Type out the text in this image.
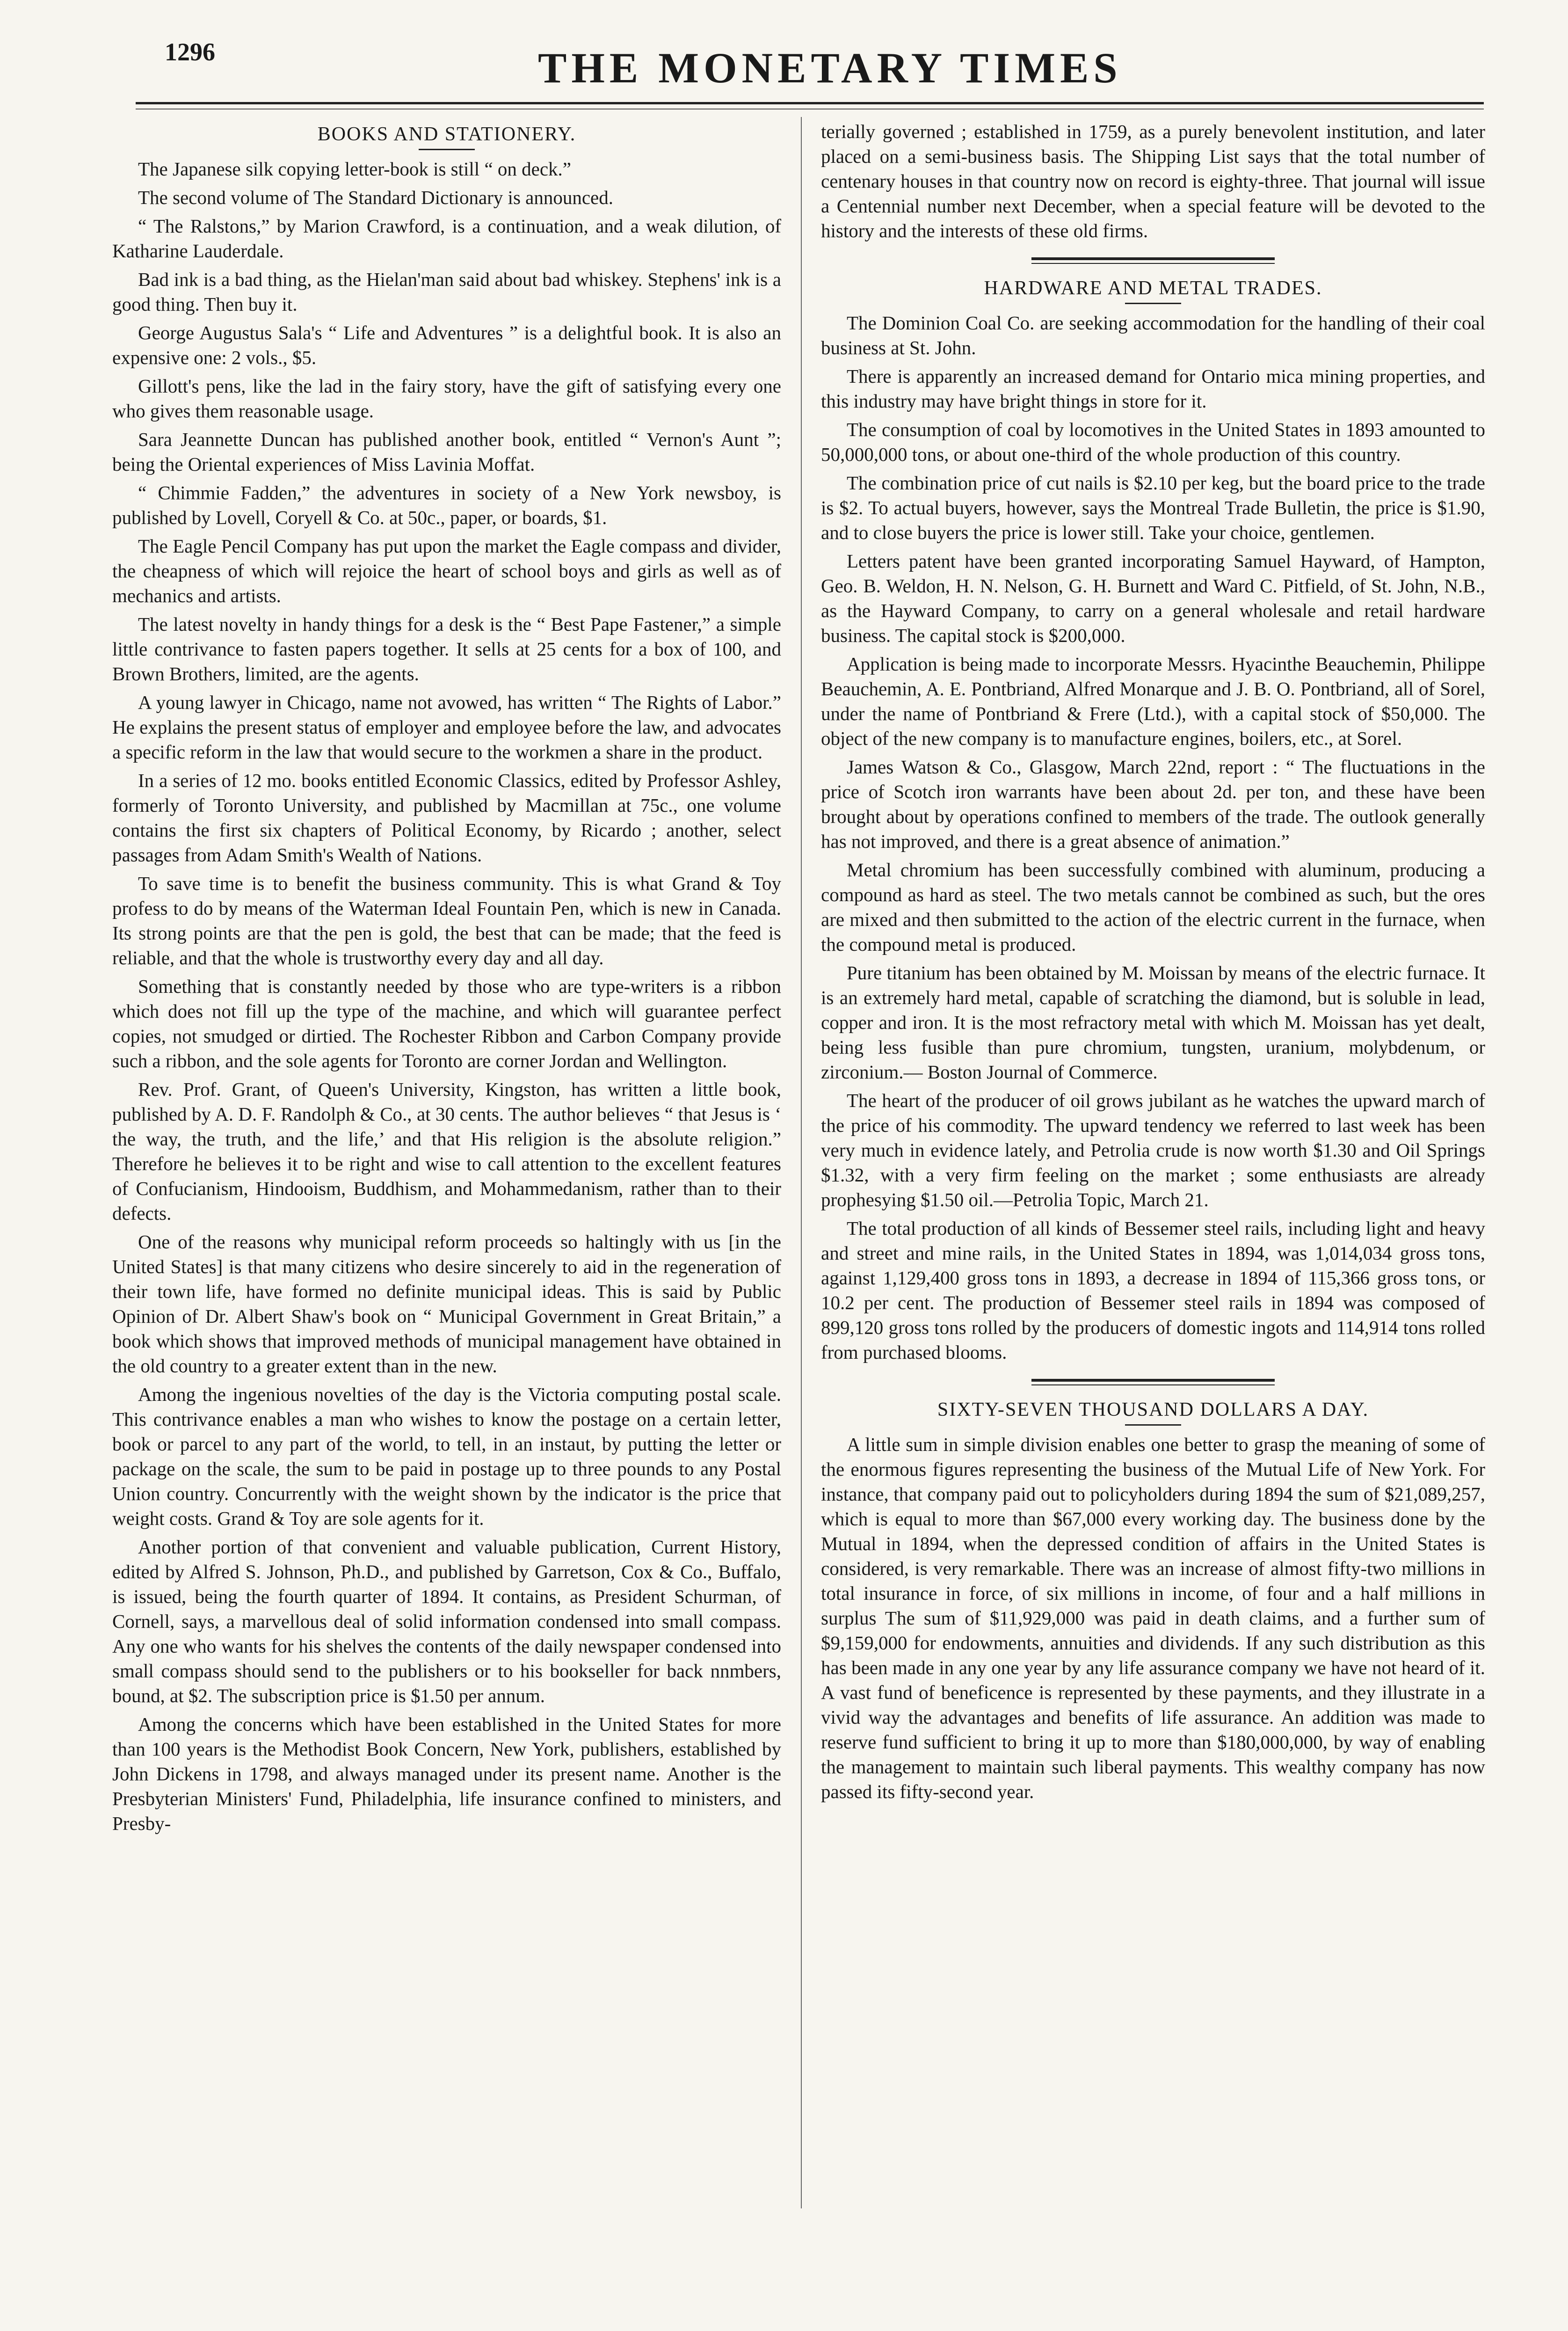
1296	THE MONETARY TIMES
BOOKS AND STATIONERY.

The Japanese silk copying letter-book is still “ on deck.”

The second volume of The Standard Dictionary is announced.

“ The Ralstons,” by Marion Crawford, is a continuation, and a weak dilution, of Katharine Lauderdale.

Bad ink is a bad thing, as the Hielan'man said about bad whiskey. Stephens' ink is a good thing. Then buy it.

George Augustus Sala's “ Life and Adventures ” is a delightful book. It is also an expensive one: 2 vols., $5.

Gillott's pens, like the lad in the fairy story, have the gift of satisfying every one who gives them reasonable usage.

Sara Jeannette Duncan has published another book, entitled “ Vernon's Aunt ”; being the Oriental experiences of Miss Lavinia Moffat.

“ Chimmie Fadden,” the adventures in society of a New York newsboy, is published by Lovell, Coryell & Co. at 50c., paper, or boards, $1.

The Eagle Pencil Company has put upon the market the Eagle compass and divider, the cheapness of which will rejoice the heart of school boys and girls as well as of mechanics and artists.

The latest novelty in handy things for a desk is the “ Best Pape Fastener,” a simple little contrivance to fasten papers together. It sells at 25 cents for a box of 100, and Brown Brothers, limited, are the agents.

A young lawyer in Chicago, name not avowed, has written “ The Rights of Labor.” He explains the present status of employer and employee before the law, and advocates a specific reform in the law that would secure to the workmen a share in the product.

In a series of 12 mo. books entitled Economic Classics, edited by Professor Ashley, formerly of Toronto University, and published by Macmillan at 75c., one volume contains the first six chapters of Political Economy, by Ricardo ; another, select passages from Adam Smith's Wealth of Nations.

To save time is to benefit the business community. This is what Grand & Toy profess to do by means of the Waterman Ideal Fountain Pen, which is new in Canada. Its strong points are that the pen is gold, the best that can be made; that the feed is reliable, and that the whole is trustworthy every day and all day.

Something that is constantly needed by those who are type-writers is a ribbon which does not fill up the type of the machine, and which will guarantee perfect copies, not smudged or dirtied. The Rochester Ribbon and Carbon Company provide such a ribbon, and the sole agents for Toronto are corner Jordan and Wellington.

Rev. Prof. Grant, of Queen's University, Kingston, has written a little book, published by A. D. F. Randolph & Co., at 30 cents. The author believes “ that Jesus is ‘ the way, the truth, and the life,’ and that His religion is the absolute religion.” Therefore he believes it to be right and wise to call attention to the excellent features of Confucianism, Hindooism, Buddhism, and Mohammedanism, rather than to their defects.

One of the reasons why municipal reform proceeds so haltingly with us [in the United States] is that many citizens who desire sincerely to aid in the regeneration of their town life, have formed no definite municipal ideas. This is said by Public Opinion of Dr. Albert Shaw's book on “ Municipal Government in Great Britain,” a book which shows that improved methods of municipal management have obtained in the old country to a greater extent than in the new.

Among the ingenious novelties of the day is the Victoria computing postal scale. This contrivance enables a man who wishes to know the postage on a certain letter, book or parcel to any part of the world, to tell, in an instaut, by putting the letter or package on the scale, the sum to be paid in postage up to three pounds to any Postal Union country. Concurrently with the weight shown by the indicator is the price that weight costs. Grand & Toy are sole agents for it.

Another portion of that convenient and valuable publication, Current History, edited by Alfred S. Johnson, Ph.D., and published by Garretson, Cox & Co., Buffalo, is issued, being the fourth quarter of 1894. It contains, as President Schurman, of Cornell, says, a marvellous deal of solid information condensed into small compass. Any one who wants for his shelves the contents of the daily newspaper condensed into small compass should send to the publishers or to his bookseller for back nnmbers, bound, at $2. The subscription price is $1.50 per annum.

Among the concerns which have been established in the United States for more than 100 years is the Methodist Book Concern, New York, publishers, established by John Dickens in 1798, and always managed under its present name. Another is the Presbyterian Ministers' Fund, Philadelphia, life insurance confined to ministers, and Presby-

terially governed ; established in 1759, as a purely benevolent institution, and later placed on a semi-business basis. The Shipping List says that the total number of centenary houses in that country now on record is eighty-three. That journal will issue a Centennial number next December, when a special feature will be devoted to the history and the interests of these old firms.

HARDWARE AND METAL TRADES.

The Dominion Coal Co. are seeking accommodation for the handling of their coal business at St. John.

There is apparently an increased demand for Ontario mica mining properties, and this industry may have bright things in store for it.

The consumption of coal by locomotives in the United States in 1893 amounted to 50,000,000 tons, or about one-third of the whole production of this country.

The combination price of cut nails is $2.10 per keg, but the board price to the trade is $2. To actual buyers, however, says the Montreal Trade Bulletin, the price is $1.90, and to close buyers the price is lower still. Take your choice, gentlemen.

Letters patent have been granted incorporating Samuel Hayward, of Hampton, Geo. B. Weldon, H. N. Nelson, G. H. Burnett and Ward C. Pitfield, of St. John, N.B., as the Hayward Company, to carry on a general wholesale and retail hardware business. The capital stock is $200,000.

Application is being made to incorporate Messrs. Hyacinthe Beauchemin, Philippe Beauchemin, A. E. Pontbriand, Alfred Monarque and J. B. O. Pontbriand, all of Sorel, under the name of Pontbriand & Frere (Ltd.), with a capital stock of $50,000. The object of the new company is to manufacture engines, boilers, etc., at Sorel.

James Watson & Co., Glasgow, March 22nd, report : “ The fluctuations in the price of Scotch iron warrants have been about 2d. per ton, and these have been brought about by operations confined to members of the trade. The outlook generally has not improved, and there is a great absence of animation.”

Metal chromium has been successfully combined with aluminum, producing a compound as hard as steel. The two metals cannot be combined as such, but the ores are mixed and then submitted to the action of the electric current in the furnace, when the compound metal is produced.

Pure titanium has been obtained by M. Moissan by means of the electric furnace. It is an extremely hard metal, capable of scratching the diamond, but is soluble in lead, copper and iron. It is the most refractory metal with which M. Moissan has yet dealt, being less fusible than pure chromium, tungsten, uranium, molybdenum, or zirconium.— Boston Journal of Commerce.

The heart of the producer of oil grows jubilant as he watches the upward march of the price of his commodity. The upward tendency we referred to last week has been very much in evidence lately, and Petrolia crude is now worth $1.30 and Oil Springs $1.32, with a very firm feeling on the market ; some enthusiasts are already prophesying $1.50 oil.—Petrolia Topic, March 21.

The total production of all kinds of Bessemer steel rails, including light and heavy and street and mine rails, in the United States in 1894, was 1,014,034 gross tons, against 1,129,400 gross tons in 1893, a decrease in 1894 of 115,366 gross tons, or 10.2 per cent. The production of Bessemer steel rails in 1894 was composed of 899,120 gross tons rolled by the producers of domestic ingots and 114,914 tons rolled from purchased blooms.

SIXTY-SEVEN THOUSAND DOLLARS A DAY.

A little sum in simple division enables one better to grasp the meaning of some of the enormous figures representing the business of the Mutual Life of New York. For instance, that company paid out to policyholders during 1894 the sum of $21,089,257, which is equal to more than $67,000 every working day. The business done by the Mutual in 1894, when the depressed condition of affairs in the United States is considered, is very remarkable. There was an increase of almost fifty-two millions in total insurance in force, of six millions in income, of four and a half millions in surplus The sum of $11,929,000 was paid in death claims, and a further sum of $9,159,000 for endowments, annuities and dividends. If any such distribution as this has been made in any one year by any life assurance company we have not heard of it. A vast fund of beneficence is represented by these payments, and they illustrate in a vivid way the advantages and benefits of life assurance. An addition was made to reserve fund sufficient to bring it up to more than $180,000,000, by way of enabling the management to maintain such liberal payments. This wealthy company has now passed its fifty-second year.
